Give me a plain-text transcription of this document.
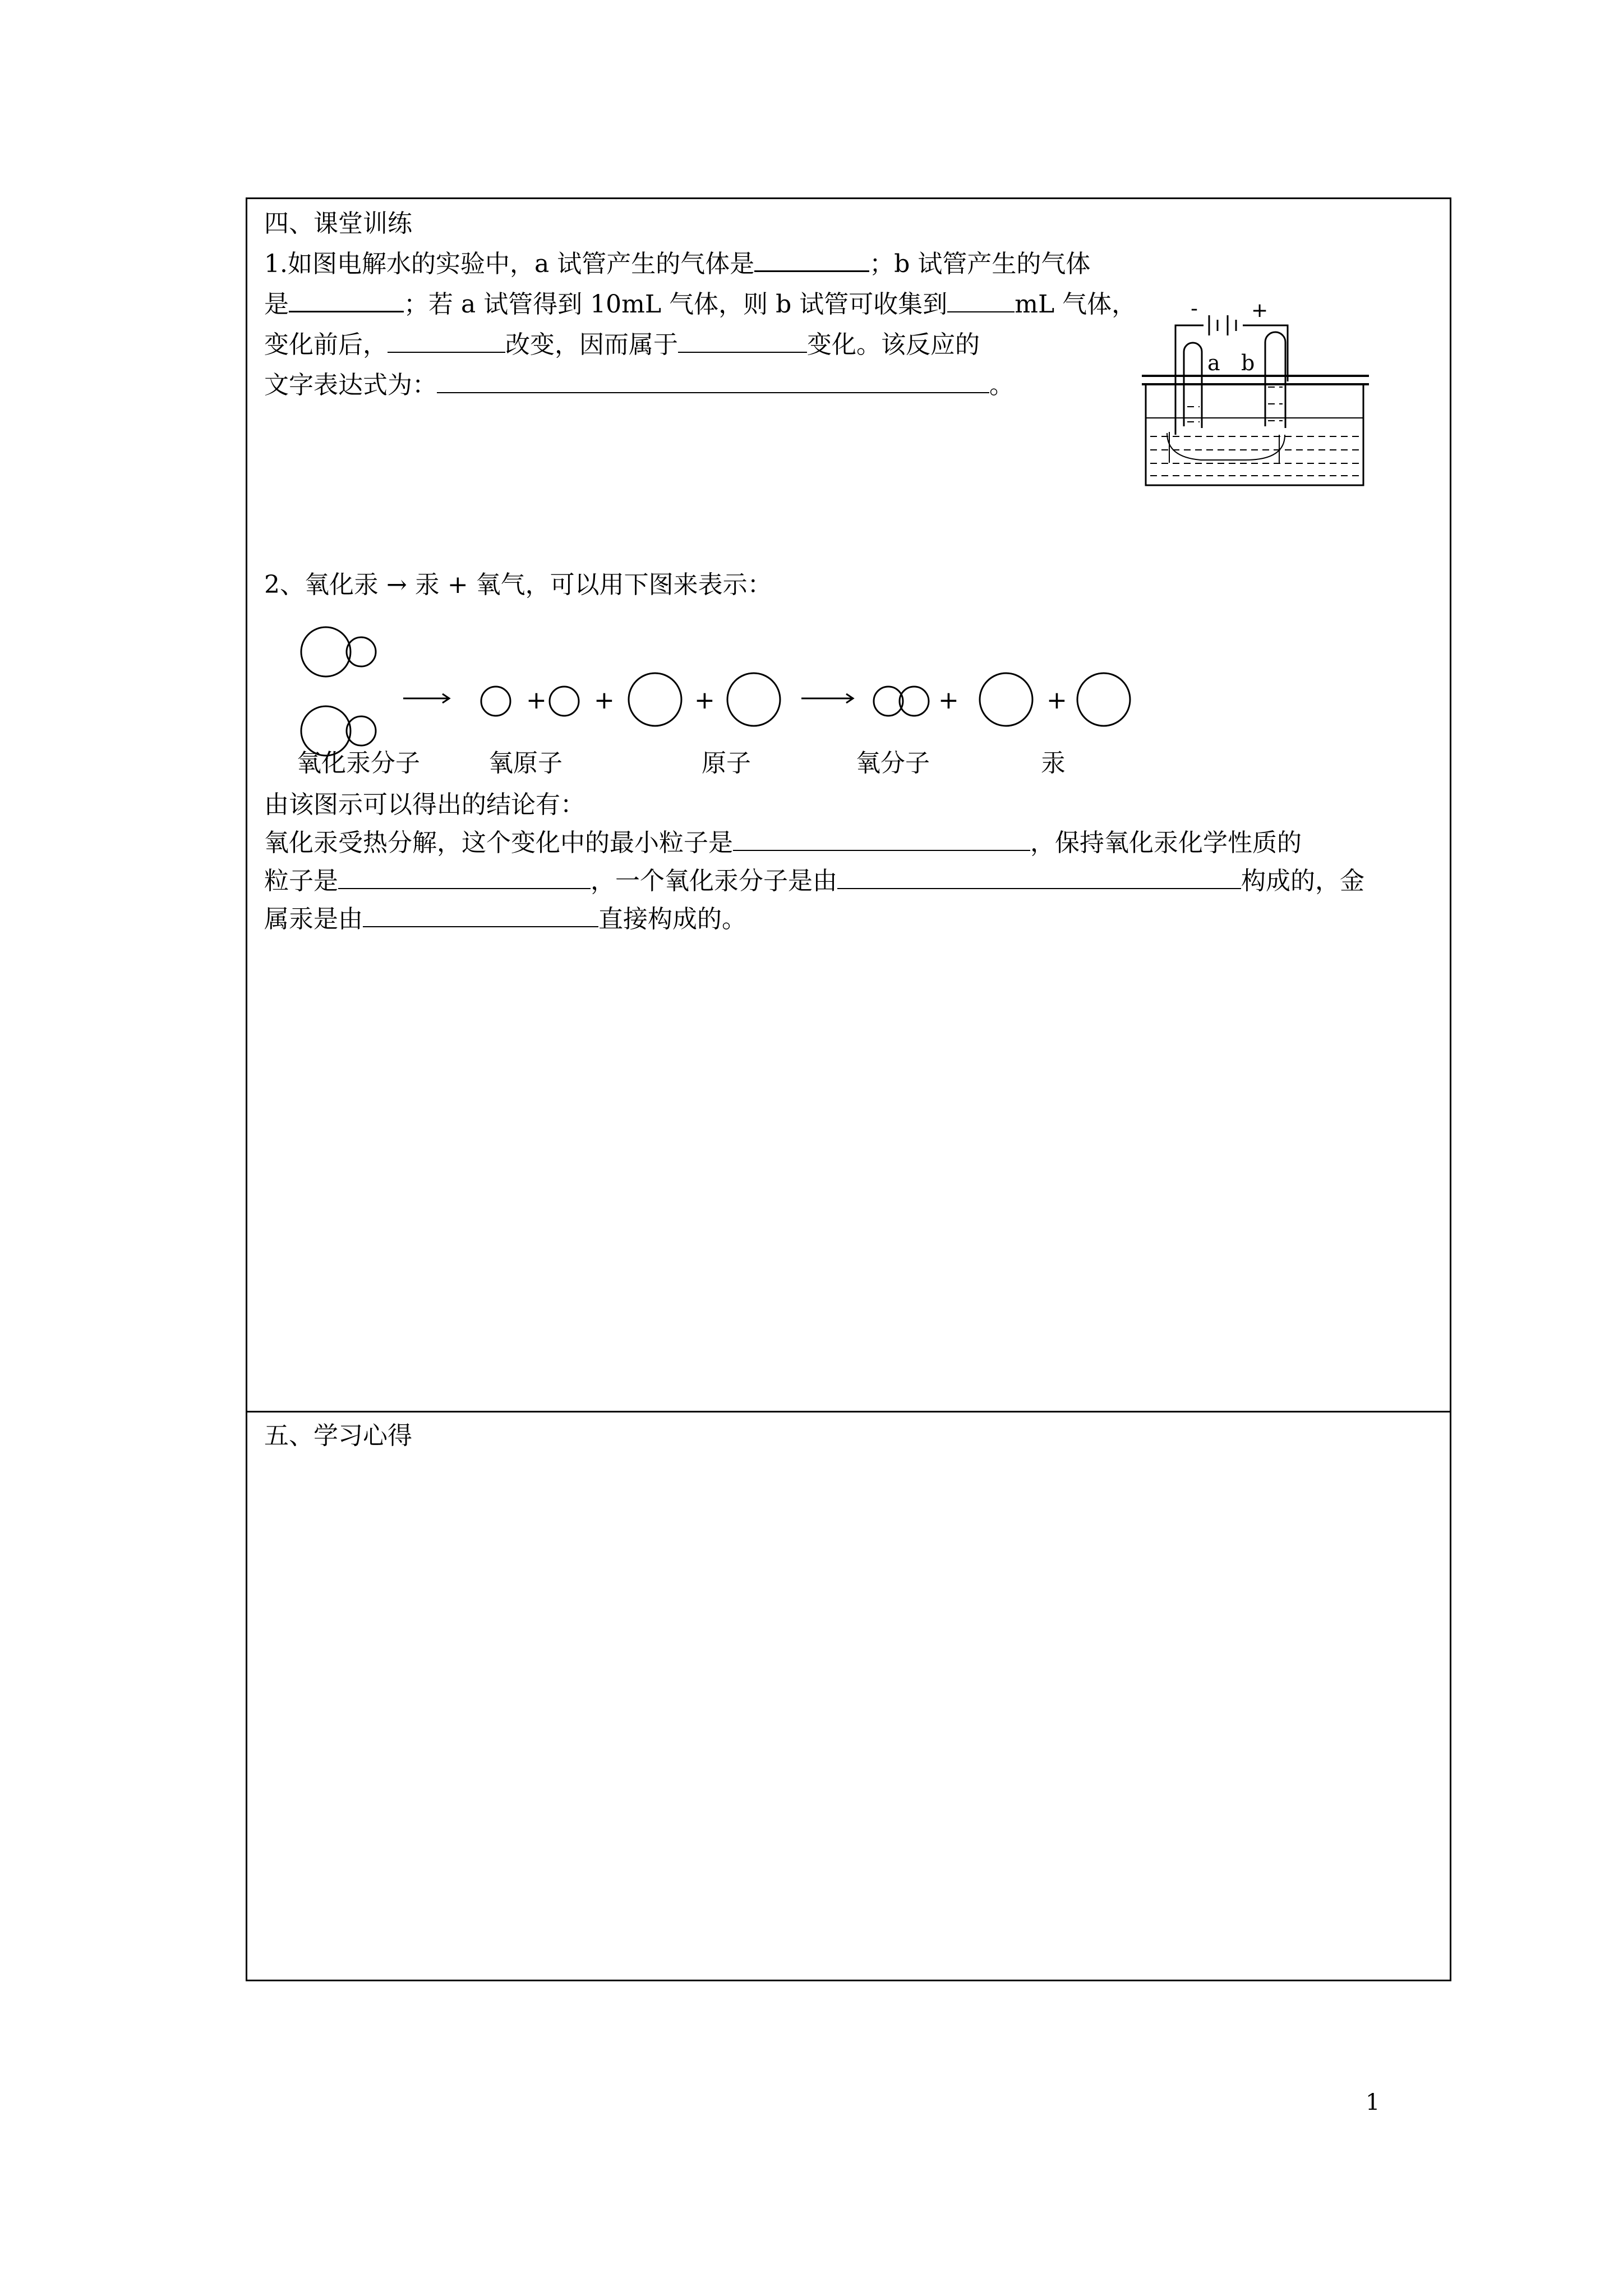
四、课堂训练
1.如图电解水的实验中，a 试管产生的气体是	；b 试管产生的气体
是	；若 a 试管得到 10mL 气体，则 b 试管可收集到	mL 气体，
变化前后，	改变，因而属于	变化。该反应的
文字表达式为：	。
-	+
a b
2、氧化汞 → 汞 + 氧气，可以用下图来表示：
+ +	+	+	+
氧化汞分子	氧原子	原子	氧分子	汞
由该图示可以得出的结论有：
氧化汞受热分解，这个变化中的最小粒子是	，保持氧化汞化学性质的
粒子是	，一个氧化汞分子是由	构成的，金
属汞是由	直接构成的。
五、学习心得
1
